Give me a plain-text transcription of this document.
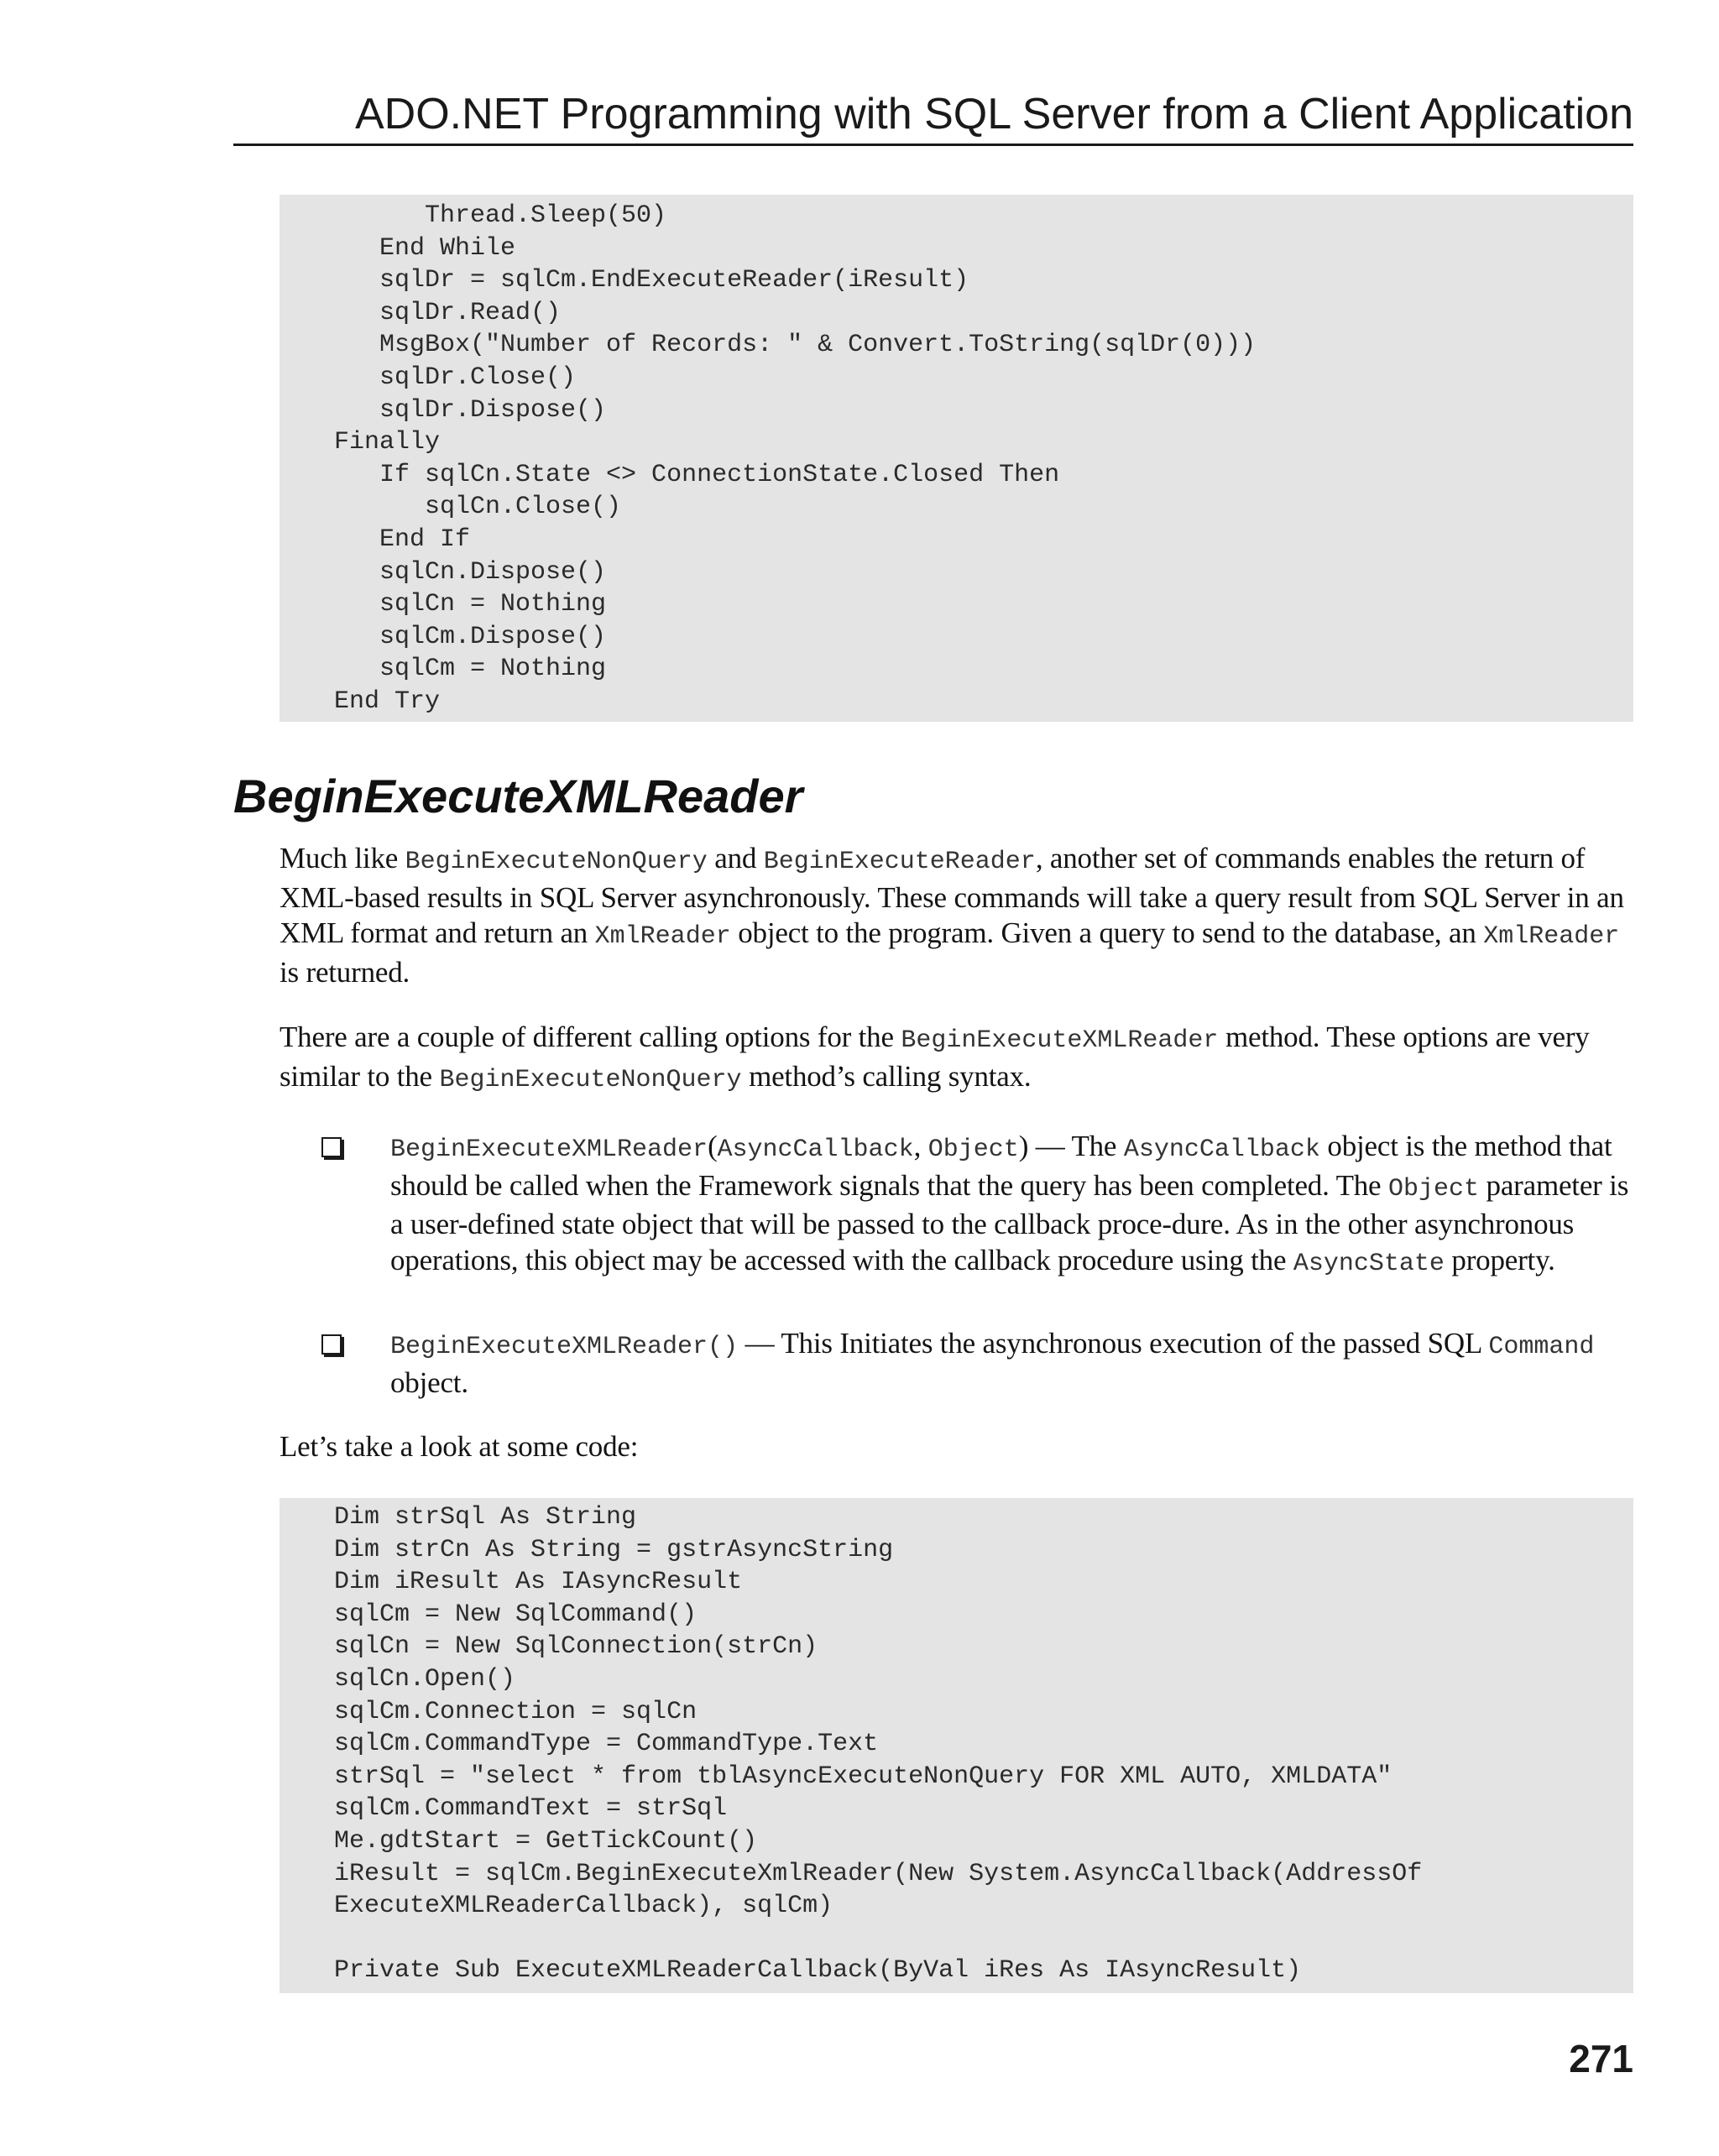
ADO.NET Programming with SQL Server from a Client Application
Thread.Sleep(50)
End While
sqlDr = sqlCm.EndExecuteReader(iResult)
sqlDr.Read()
MsgBox("Number of Records: " & Convert.ToString(sqlDr(0)))
sqlDr.Close()
sqlDr.Dispose()
Finally
If sqlCn.State <> ConnectionState.Closed Then
sqlCn.Close()
End If
sqlCn.Dispose()
sqlCn = Nothing
sqlCm.Dispose()
sqlCm = Nothing
End Try
BeginExecuteXMLReader

Much like BeginExecuteNonQuery and BeginExecuteReader, another set of commands enables the return of XML-based results in SQL Server asynchronously. These commands will take a query result from SQL Server in an XML format and return an XmlReader object to the program. Given a query to send to the database, an XmlReader is returned.

There are a couple of different calling options for the BeginExecuteXMLReader method. These options are very similar to the BeginExecuteNonQuery method’s calling syntax.

BeginExecuteXMLReader(AsyncCallback, Object) — The AsyncCallback object is the method that should be called when the Framework signals that the query has been completed. The Object parameter is a user-defined state object that will be passed to the callback proce-dure. As in the other asynchronous operations, this object may be accessed with the callback procedure using the AsyncState property.

BeginExecuteXMLReader() — This Initiates the asynchronous execution of the passed SQL Command object.

Let’s take a look at some code:

Dim strSql As String
Dim strCn As String = gstrAsyncString
Dim iResult As IAsyncResult
sqlCm = New SqlCommand()
sqlCn = New SqlConnection(strCn)
sqlCn.Open()
sqlCm.Connection = sqlCn
sqlCm.CommandType = CommandType.Text
strSql = "select * from tblAsyncExecuteNonQuery FOR XML AUTO, XMLDATA"
sqlCm.CommandText = strSql
Me.gdtStart = GetTickCount()
iResult = sqlCm.BeginExecuteXmlReader(New System.AsyncCallback(AddressOf
ExecuteXMLReaderCallback), sqlCm)
Private Sub ExecuteXMLReaderCallback(ByVal iRes As IAsyncResult)
271
